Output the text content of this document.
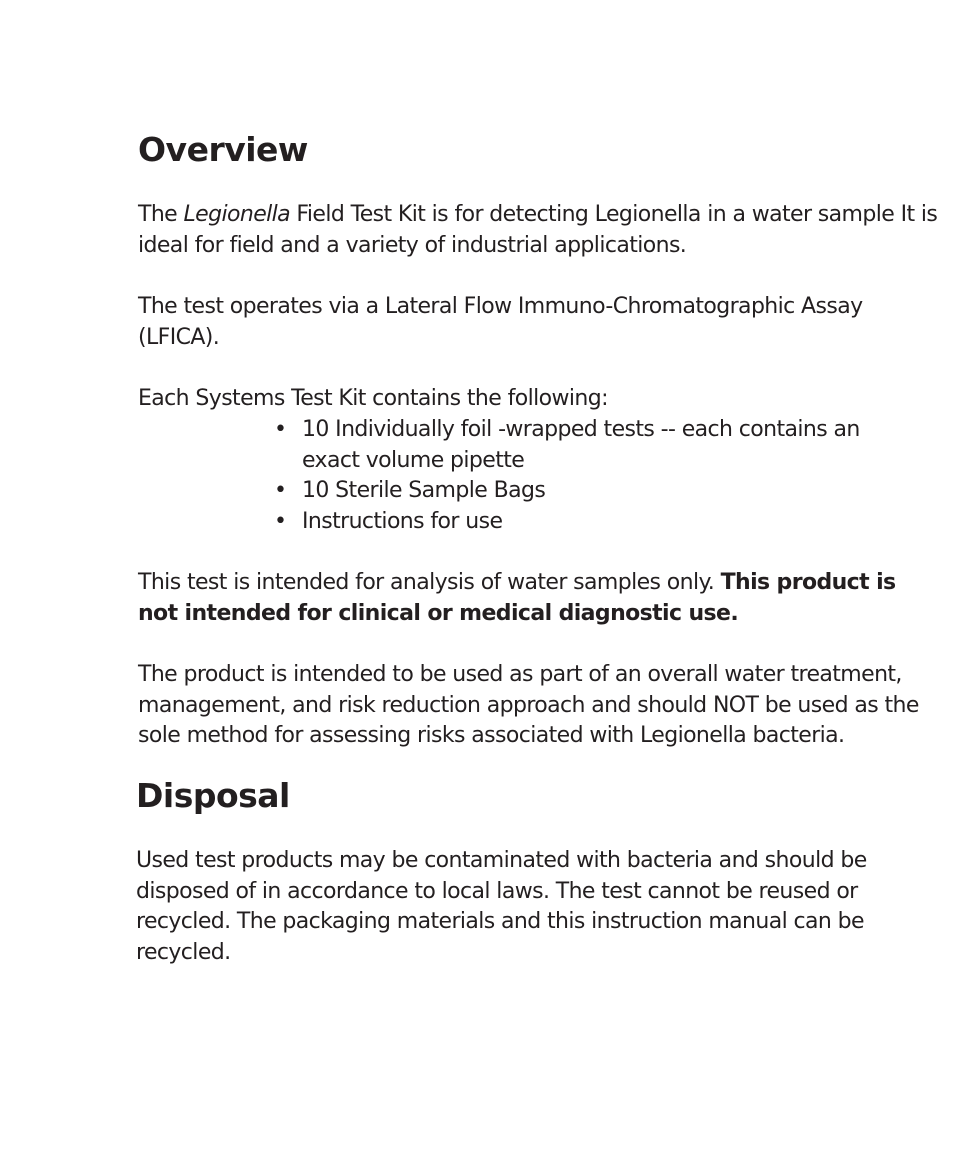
Overview

The Legionella Field Test Kit is for detecting Legionella in a water sample It is ideal for field and a variety of industrial applications.

The test operates via a Lateral Flow Immuno-Chromatographic Assay (LFICA).

Each Systems Test Kit contains the following:

• 10 Individually foil -wrapped tests -- each contains an exact volume pipette
• 10 Sterile Sample Bags
• Instructions for use

This test is intended for analysis of water samples only. This product is not intended for clinical or medical diagnostic use.

The product is intended to be used as part of an overall water treatment, management, and risk reduction approach and should NOT be used as the sole method for assessing risks associated with Legionella bacteria.

Disposal

Used test products may be contaminated with bacteria and should be disposed of in accordance to local laws. The test cannot be reused or recycled. The packaging materials and this instruction manual can be recycled.
